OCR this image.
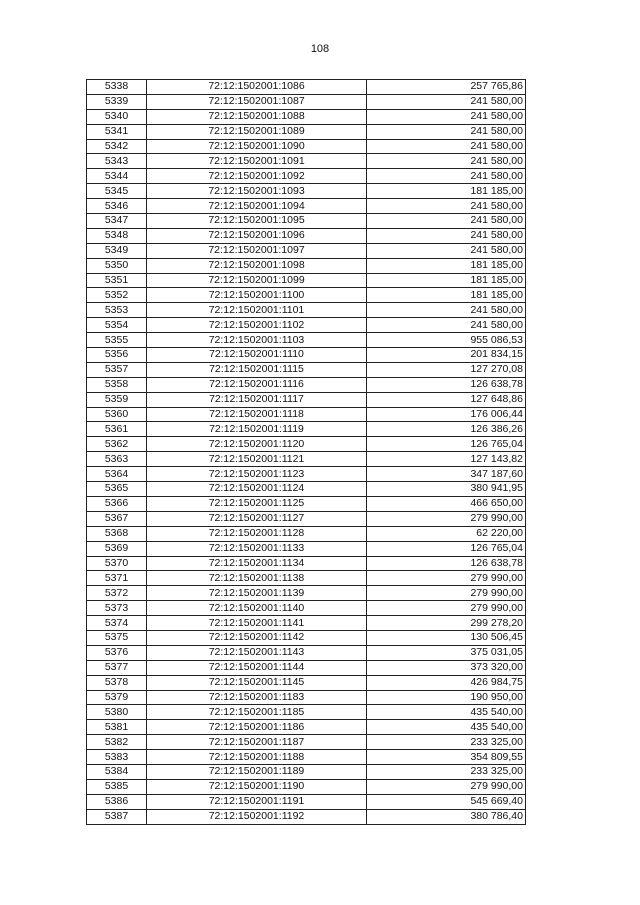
108
5338	72:12:1502001:1086	257 765,86
5339	72:12:1502001:1087	241 580,00
5340	72:12:1502001:1088	241 580,00
5341	72:12:1502001:1089	241 580,00
5342	72:12:1502001:1090	241 580,00
5343	72:12:1502001:1091	241 580,00
5344	72:12:1502001:1092	241 580,00
5345	72:12:1502001:1093	181 185,00
5346	72:12:1502001:1094	241 580,00
5347	72:12:1502001:1095	241 580,00
5348	72:12:1502001:1096	241 580,00
5349	72:12:1502001:1097	241 580,00
5350	72:12:1502001:1098	181 185,00
5351	72:12:1502001:1099	181 185,00
5352	72:12:1502001:1100	181 185,00
5353	72:12:1502001:1101	241 580,00
5354	72:12:1502001:1102	241 580,00
5355	72:12:1502001:1103	955 086,53
5356	72:12:1502001:1110	201 834,15
5357	72:12:1502001:1115	127 270,08
5358	72:12:1502001:1116	126 638,78
5359	72:12:1502001:1117	127 648,86
5360	72:12:1502001:1118	176 006,44
5361	72:12:1502001:1119	126 386,26
5362	72:12:1502001:1120	126 765,04
5363	72:12:1502001:1121	127 143,82
5364	72:12:1502001:1123	347 187,60
5365	72:12:1502001:1124	380 941,95
5366	72:12:1502001:1125	466 650,00
5367	72:12:1502001:1127	279 990,00
5368	72:12:1502001:1128	62 220,00
5369	72:12:1502001:1133	126 765,04
5370	72:12:1502001:1134	126 638,78
5371	72:12:1502001:1138	279 990,00
5372	72:12:1502001:1139	279 990,00
5373	72:12:1502001:1140	279 990,00
5374	72:12:1502001:1141	299 278,20
5375	72:12:1502001:1142	130 506,45
5376	72:12:1502001:1143	375 031,05
5377	72:12:1502001:1144	373 320,00
5378	72:12:1502001:1145	426 984,75
5379	72:12:1502001:1183	190 950,00
5380	72:12:1502001:1185	435 540,00
5381	72:12:1502001:1186	435 540,00
5382	72:12:1502001:1187	233 325,00
5383	72:12:1502001:1188	354 809,55
5384	72:12:1502001:1189	233 325,00
5385	72:12:1502001:1190	279 990,00
5386	72:12:1502001:1191	545 669,40
5387	72:12:1502001:1192	380 786,40
